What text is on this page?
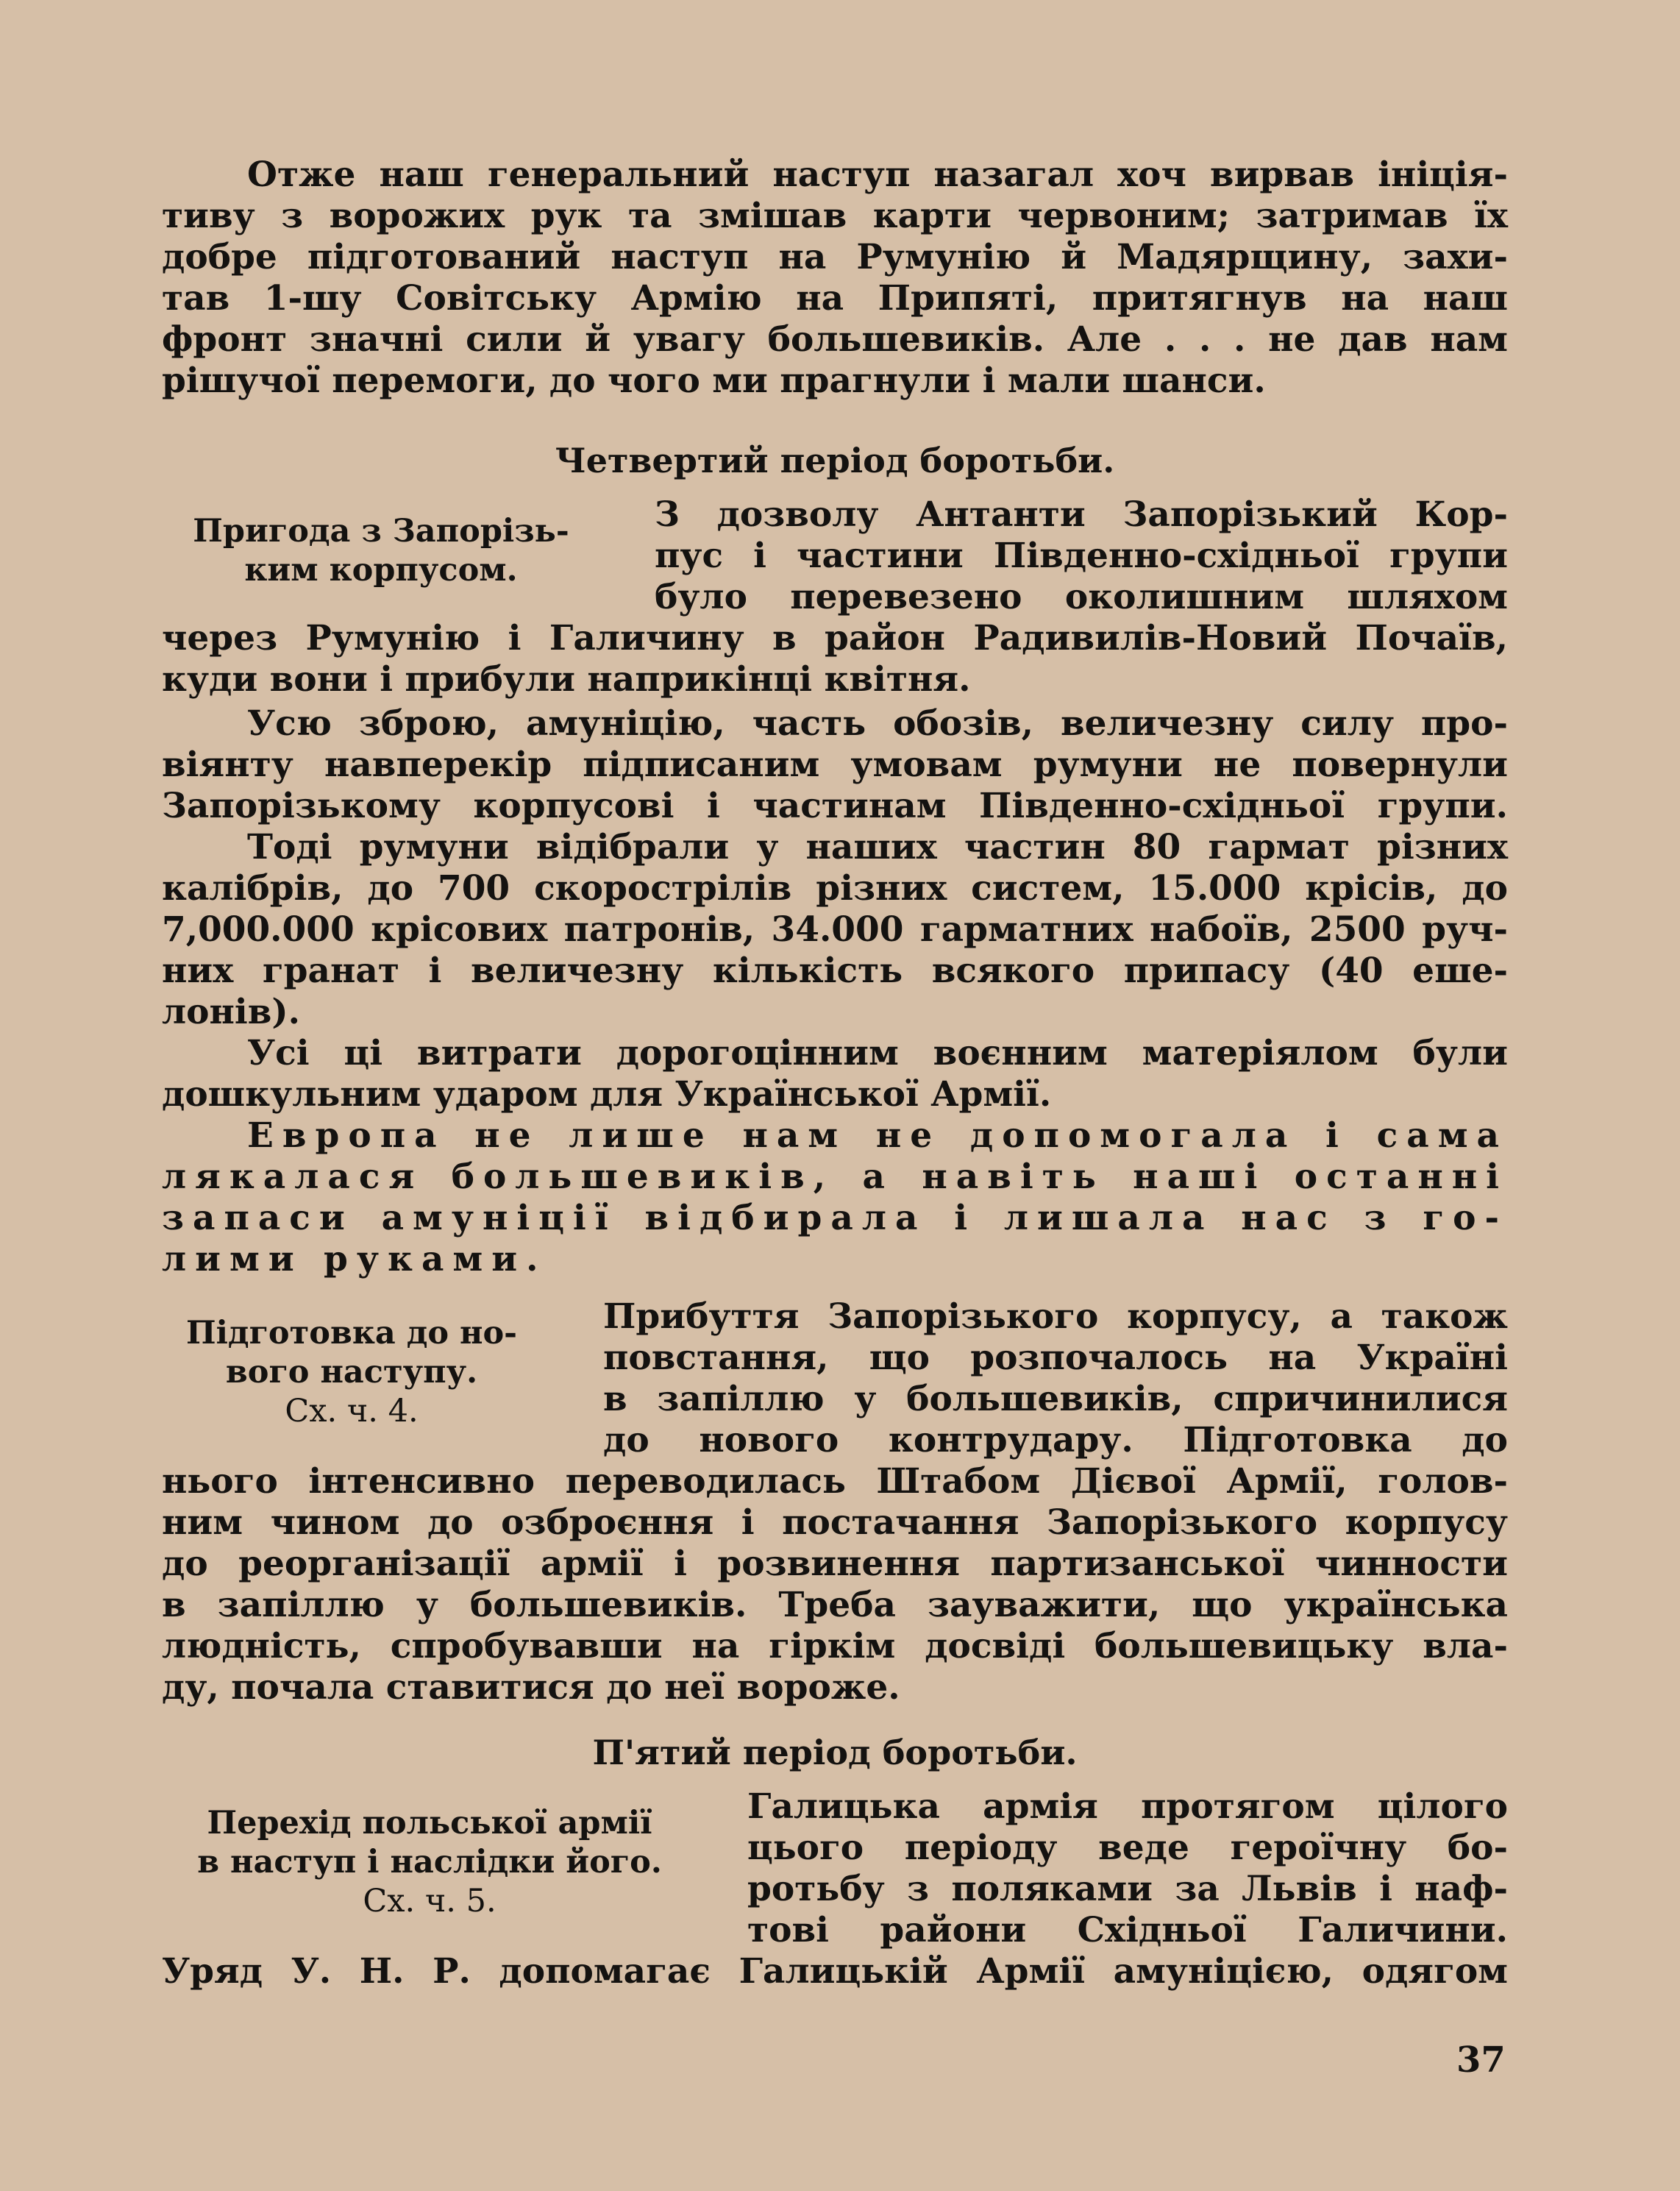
Отже наш генеральний наступ назагал хоч вирвав ініція-
тиву з ворожих рук та змішав карти червоним; затримав їх
добре підготований наступ на Румунію й Мадярщину, захи-
тав 1-шу Совітську Армію на Припяті, притягнув на наш
фронт значні сили й увагу большевиків. Але . . . не дав нам
рішучої перемоги, до чого ми прагнули і мали шанси.
Четвертий період боротьби.
Пригода з Запорізь-
ким корпусом.
З дозволу Антанти Запорізький Кор-
пус і частини Південно-східньої групи
було перевезено околишним шляхом
через Румунію і Галичину в район Радивилів-Новий Почаїв,
куди вони і прибули наприкінці квітня.
Усю зброю, амуніцію, часть обозів, величезну силу про-
віянту навперекір підписаним умовам румуни не повернули
Запорізькому корпусові і частинам Південно-східньої групи.
Тоді румуни відібрали у наших частин 80 гармат різних
калібрів, до 700 скорострілів різних систем, 15.000 крісів, до
7,000.000 крісових патронів, 34.000 гарматних набоїв, 2500 руч-
них гранат і величезну кількість всякого припасу (40 ешe-
лонів).
Усі ці витрати дорогоцінним воєнним матеріялом були
дошкульним ударом для Української Армії.
Европа не лише нам не допомогала і сама
лякалася большевиків, а навіть наші останні
запаси амуніції відбирала і лишала нас з го-
лими руками.
Підготовка до но-
вого наступу.
Сх. ч. 4.
Прибуття Запорізького корпусу, а також
повстання, що розпочалось на Україні
в запіллю у большевиків, спричинилися
до нового контрудару. Підготовка до
нього інтенсивно переводилась Штабом Дієвої Армії, голов-
ним чином до озброєння і постачання Запорізького корпусу
до реорганізації армії і розвинення партизанської чинности
в запіллю у большевиків. Треба зауважити, що українська
людність, спробувавши на гіркім досвіді большевицьку вла-
ду, почала ставитися до неї вороже.
П'ятий період боротьби.
Перехід польської армії
в наступ і наслідки його.
Сх. ч. 5.
Галицька армія протягом цілого
цього періоду веде героїчну бо-
ротьбу з поляками за Львів і наф-
тові райони Східньої Галичини.
Уряд У. Н. Р. допомагає Галицькій Армії амуніцією, одягом
37
